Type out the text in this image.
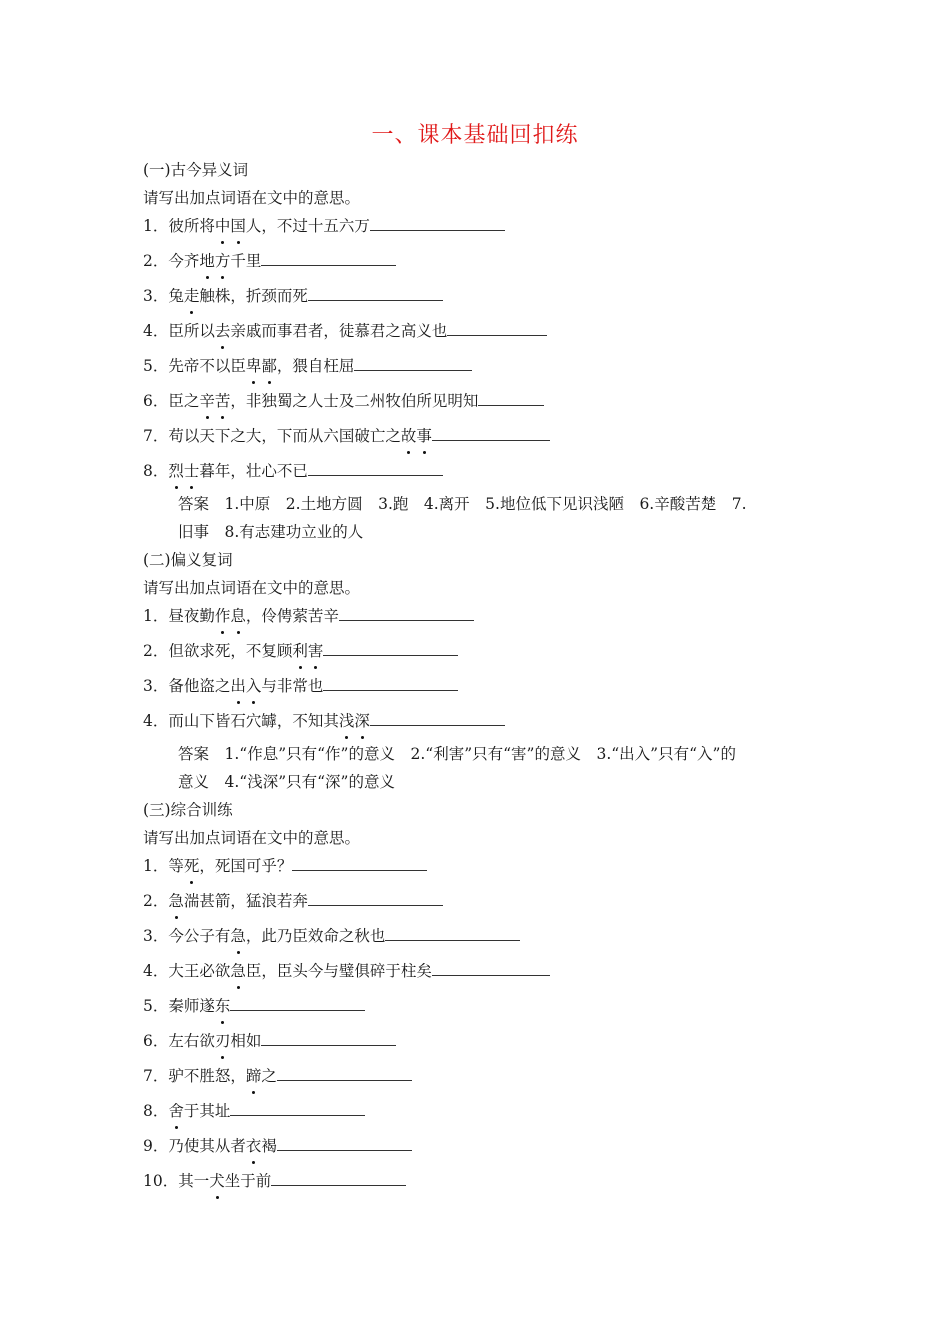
一、课本基础回扣练
(一)古今异义词
请写出加点词语在文中的意思。
1．彼所将中国人，不过十五六万
2．今齐地方千里
3．兔走触株，折颈而死
4．臣所以去亲戚而事君者，徒慕君之高义也
5．先帝不以臣卑鄙，猥自枉屈
6．臣之辛苦，非独蜀之人士及二州牧伯所见明知
7．苟以天下之大，下而从六国破亡之故事
8．烈士暮年，壮心不已
答案　1.中原　2.土地方圆　3.跑　4.离开　5.地位低下见识浅陋　6.辛酸苦楚　7.
旧事　8.有志建功立业的人
(二)偏义复词
请写出加点词语在文中的意思。
1．昼夜勤作息，伶俜萦苦辛
2．但欲求死，不复顾利害
3．备他盗之出入与非常也
4．而山下皆石穴罅，不知其浅深
答案　1.“作息”只有“作”的意义　2.“利害”只有“害”的意义　3.“出入”只有“入”的
意义　4.“浅深”只有“深”的意义
(三)综合训练
请写出加点词语在文中的意思。
1．等死，死国可乎？
2．急湍甚箭，猛浪若奔
3．今公子有急，此乃臣效命之秋也
4．大王必欲急臣，臣头今与璧俱碎于柱矣
5．秦师遂东
6．左右欲刃相如
7．驴不胜怒，蹄之
8．舍于其址
9．乃使其从者衣褐
10．其一犬坐于前
